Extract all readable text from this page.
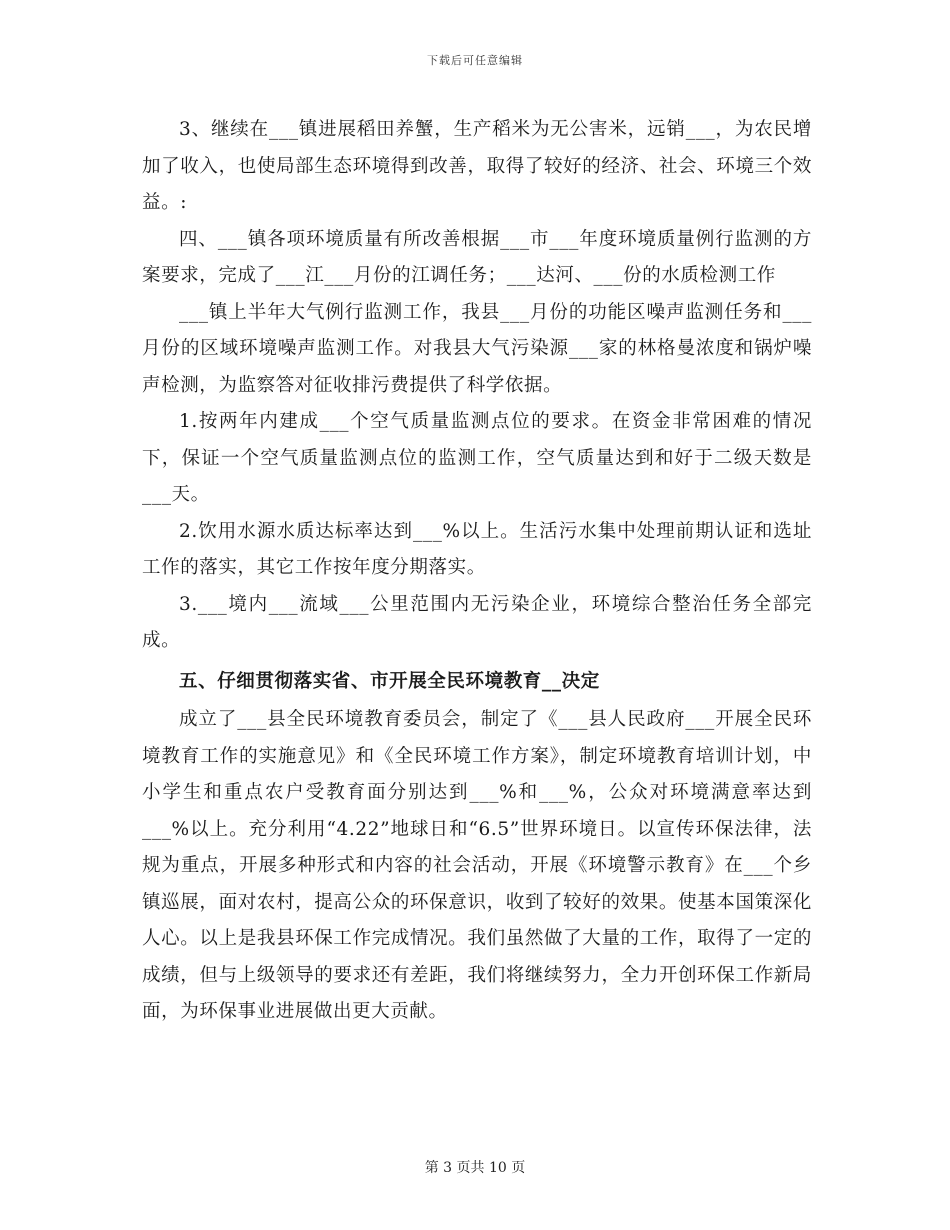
下载后可任意编辑

3、继续在___镇进展稻田养蟹，生产稻米为无公害米，远销___，为农民增加了收入，也使局部生态环境得到改善，取得了较好的经济、社会、环境三个效益。:

四、___镇各项环境质量有所改善根据___市___年度环境质量例行监测的方案要求，完成了___江___月份的江调任务；___达河、___份的水质检测工作

___镇上半年大气例行监测工作，我县___月份的功能区噪声监测任务和___月份的区域环境噪声监测工作。对我县大气污染源___家的林格曼浓度和锅炉噪声检测，为监察答对征收排污费提供了科学依据。

1.按两年内建成___个空气质量监测点位的要求。在资金非常困难的情况下，保证一个空气质量监测点位的监测工作，空气质量达到和好于二级天数是___天。

2.饮用水源水质达标率达到___%以上。生活污水集中处理前期认证和选址工作的落实，其它工作按年度分期落实。

3.___境内___流域___公里范围内无污染企业，环境综合整治任务全部完成。

五、仔细贯彻落实省、市开展全民环境教育__决定

成立了___县全民环境教育委员会，制定了《___县人民政府___开展全民环境教育工作的实施意见》和《全民环境工作方案》，制定环境教育培训计划，中小学生和重点农户受教育面分别达到___%和___%，公众对环境满意率达到___%以上。充分利用“4.22”地球日和“6.5”世界环境日。以宣传环保法律，法规为重点，开展多种形式和内容的社会活动，开展《环境警示教育》在___个乡镇巡展，面对农村，提高公众的环保意识，收到了较好的效果。使基本国策深化人心。以上是我县环保工作完成情况。我们虽然做了大量的工作，取得了一定的成绩，但与上级领导的要求还有差距，我们将继续努力，全力开创环保工作新局面，为环保事业进展做出更大贡献。

第 3 页共 10 页
